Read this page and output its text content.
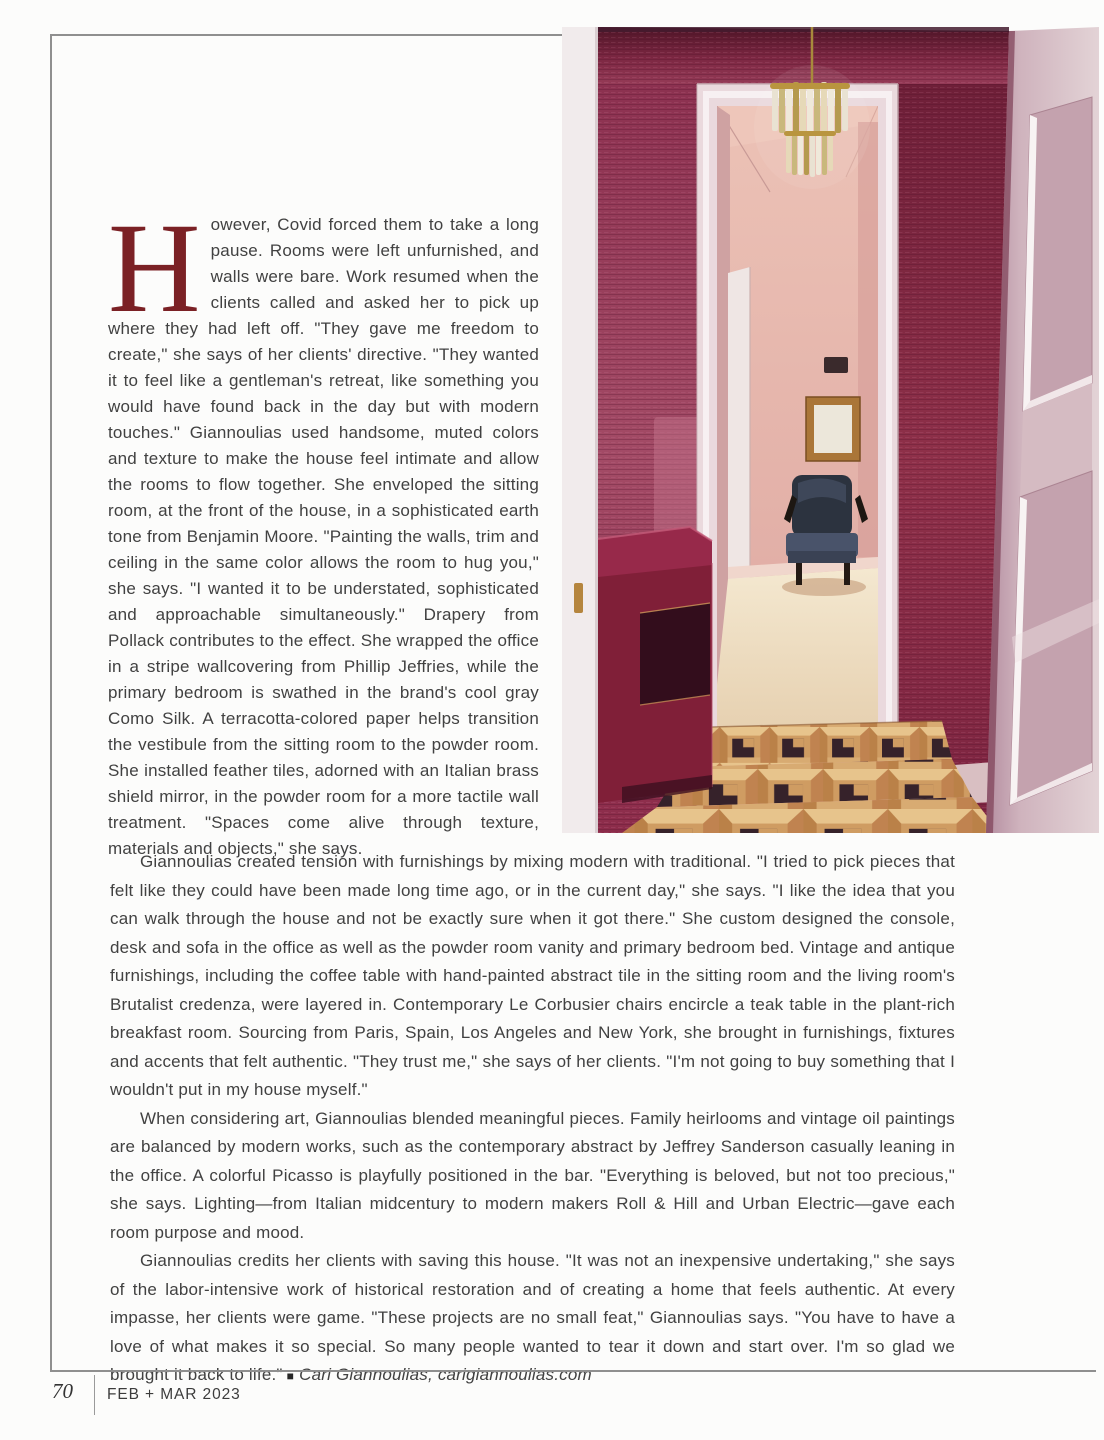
However, Covid forced them to take a long pause. Rooms were left unfurnished, and walls were bare. Work resumed when the clients called and asked her to pick up where they had left off. "They gave me freedom to create," she says of her clients' directive. "They wanted it to feel like a gentleman's retreat, like something you would have found back in the day but with modern touches." Giannoulias used handsome, muted colors and texture to make the house feel intimate and allow the rooms to flow together. She enveloped the sitting room, at the front of the house, in a sophisticated earth tone from Benjamin Moore. "Painting the walls, trim and ceiling in the same color allows the room to hug you," she says. "I wanted it to be understated, sophisticated and approachable simultaneously." Drapery from Pollack contributes to the effect. She wrapped the office in a stripe wallcovering from Phillip Jeffries, while the primary bedroom is swathed in the brand's cool gray Como Silk. A terracotta-colored paper helps transition the vestibule from the sitting room to the powder room. She installed feather tiles, adorned with an Italian brass shield mirror, in the powder room for a more tactile wall treatment. "Spaces come alive through texture, materials and objects," she says.

Giannoulias created tension with furnishings by mixing modern with traditional. "I tried to pick pieces that felt like they could have been made long time ago, or in the current day," she says. "I like the idea that you can walk through the house and not be exactly sure when it got there." She custom designed the console, desk and sofa in the office as well as the powder room vanity and primary bedroom bed. Vintage and antique furnishings, including the coffee table with hand-painted abstract tile in the sitting room and the living room's Brutalist credenza, were layered in. Contemporary Le Corbusier chairs encircle a teak table in the plant-rich breakfast room. Sourcing from Paris, Spain, Los Angeles and New York, she brought in furnishings, fixtures and accents that felt authentic. "They trust me," she says of her clients. "I'm not going to buy something that I wouldn't put in my house myself."

When considering art, Giannoulias blended meaningful pieces. Family heirlooms and vintage oil paintings are balanced by modern works, such as the contemporary abstract by Jeffrey Sanderson casually leaning in the office. A colorful Picasso is playfully positioned in the bar. "Everything is beloved, but not too precious," she says. Lighting—from Italian midcentury to modern makers Roll & Hill and Urban Electric—gave each room purpose and mood.

Giannoulias credits her clients with saving this house. "It was not an inexpensive undertaking," she says of the labor-intensive work of historical restoration and of creating a home that feels authentic. At every impasse, her clients were game. "These projects are no small feat," Giannoulias says. "You have to have a love of what makes it so special. So many people wanted to tear it down and start over. I'm so glad we brought it back to life." ■ Cari Giannoulias, carigiannoulias.com

70 FEB + MAR 2023
